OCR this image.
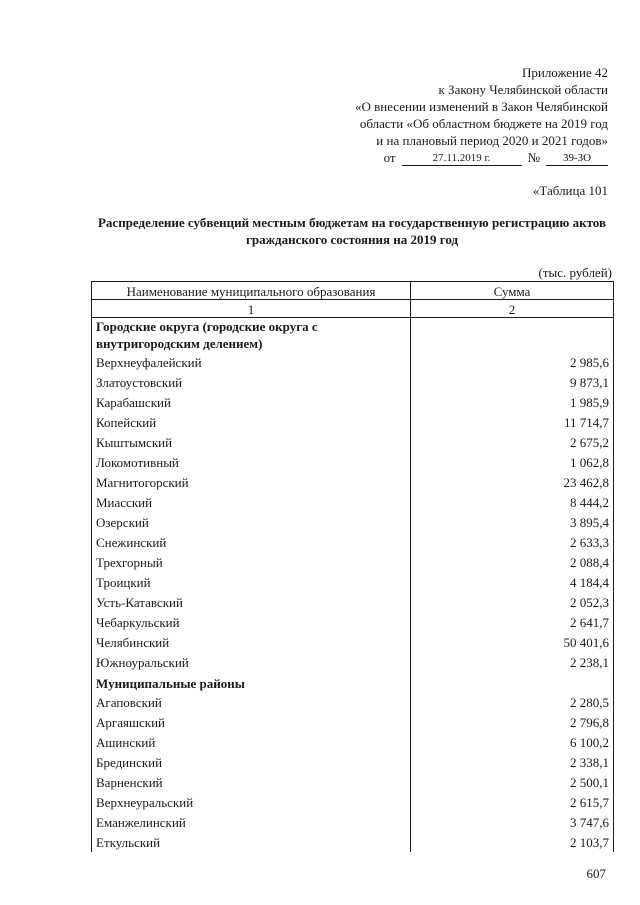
Приложение 42
к Закону Челябинской области
«О внесении изменений в Закон Челябинской
области «Об областном бюджете на 2019 год
и на плановый период 2020 и 2021 годов»
от	27.11.2019 г.	№	39-ЗО
«Таблица 101
Распределение субвенций местным бюджетам на государственную регистрацию актов гражданского состояния на 2019 год
(тыс. рублей)
Наименование муниципального образования	Сумма
1	2
Городские округа (городские округа с внутригородским делением)	
Верхнеуфалейский	2 985,6
Златоустовский	9 873,1
Карабашский	1 985,9
Копейский	11 714,7
Кыштымский	2 675,2
Локомотивный	1 062,8
Магнитогорский	23 462,8
Миасский	8 444,2
Озерский	3 895,4
Снежинский	2 633,3
Трехгорный	2 088,4
Троицкий	4 184,4
Усть-Катавский	2 052,3
Чебаркульский	2 641,7
Челябинский	50 401,6
Южноуральский	2 238,1
Муниципальные районы	
Агаповский	2 280,5
Аргаяшский	2 796,8
Ашинский	6 100,2
Брединский	2 338,1
Варненский	2 500,1
Верхнеуральский	2 615,7
Еманжелинский	3 747,6
Еткульский	2 103,7
607
